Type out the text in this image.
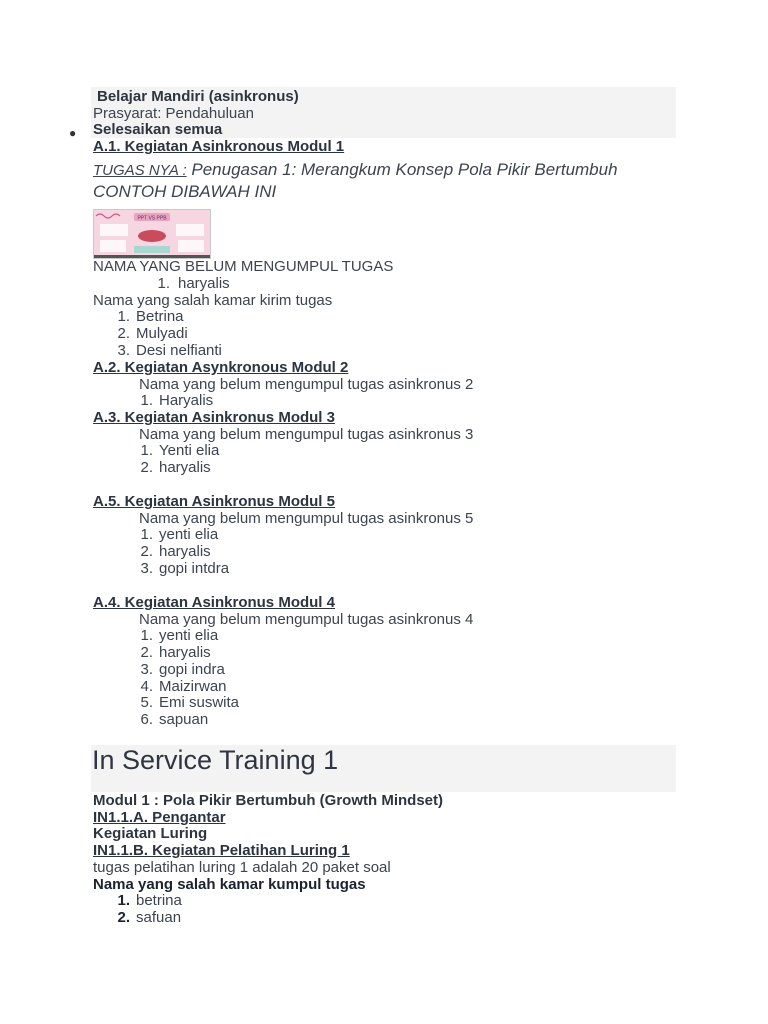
Belajar Mandiri (asinkronus)
Prasyarat: Pendahuluan
● Selesaikan semua
A.1. Kegiatan Asinkronous Modul 1
TUGAS NYA : Penugasan 1: Merangkum Konsep Pola Pikir Bertumbuh
CONTOH DIBAWAH INI
PPT VS PPB
NAMA YANG BELUM MENGUMPUL TUGAS
1. haryalis
Nama yang salah kamar kirim tugas
1. Betrina
2. Mulyadi
3. Desi nelfianti
A.2. Kegiatan Asynkronous Modul 2
Nama yang belum mengumpul tugas asinkronus 2
1. Haryalis
A.3. Kegiatan Asinkronus Modul 3
Nama yang belum mengumpul tugas asinkronus 3
1. Yenti elia
2. haryalis
A.5. Kegiatan Asinkronus Modul 5
Nama yang belum mengumpul tugas asinkronus 5
1. yenti elia
2. haryalis
3. gopi intdra
A.4. Kegiatan Asinkronus Modul 4
Nama yang belum mengumpul tugas asinkronus 4
1. yenti elia
2. haryalis
3. gopi indra
4. Maizirwan
5. Emi suswita
6. sapuan
In Service Training 1
Modul 1 : Pola Pikir Bertumbuh (Growth Mindset)
IN1.1.A. Pengantar
Kegiatan Luring
IN1.1.B. Kegiatan Pelatihan Luring 1
tugas pelatihan luring 1 adalah 20 paket soal
Nama yang salah kamar kumpul tugas
1. betrina
2. safuan
